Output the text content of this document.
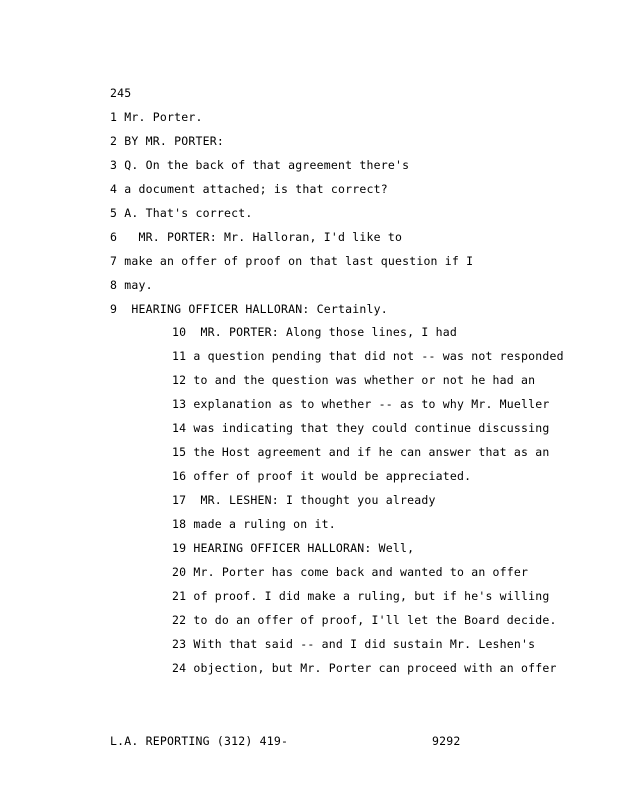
245
1 Mr. Porter.
2 BY MR. PORTER:
3 Q. On the back of that agreement there's
4 a document attached; is that correct?
5 A. That's correct.
6   MR. PORTER: Mr. Halloran, I'd like to
7 make an offer of proof on that last question if I
8 may.
9  HEARING OFFICER HALLORAN: Certainly.
10  MR. PORTER: Along those lines, I had
11 a question pending that did not -- was not responded
12 to and the question was whether or not he had an
13 explanation as to whether -- as to why Mr. Mueller
14 was indicating that they could continue discussing
15 the Host agreement and if he can answer that as an
16 offer of proof it would be appreciated.
17  MR. LESHEN: I thought you already
18 made a ruling on it.
19 HEARING OFFICER HALLORAN: Well,
20 Mr. Porter has come back and wanted to an offer
21 of proof. I did make a ruling, but if he's willing
22 to do an offer of proof, I'll let the Board decide.
23 With that said -- and I did sustain Mr. Leshen's
24 objection, but Mr. Porter can proceed with an offer
L.A. REPORTING (312) 419-	9292
